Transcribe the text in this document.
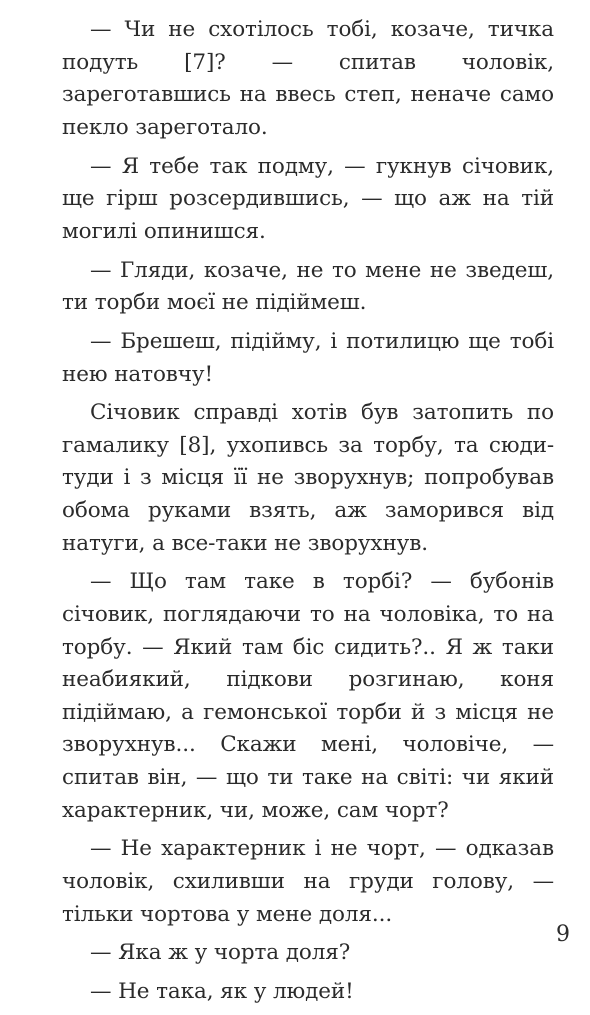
— Чи не схотілось тобі, козаче, тичка подуть [7]? — спитав чоловік, зареготавшись на ввесь степ, неначе само пекло зареготало.

— Я тебе так подму, — гукнув січовик, ще гірш розсердившись, — що аж на тій могилі опинишся.

— Гляди, козаче, не то мене не зведеш, ти торби моєї не підіймеш.

— Брешеш, підійму, і потилицю ще тобі нею натовчу!

Січовик справді хотів був затопить по гамалику [8], ухопивсь за торбу, та сюди-туди і з місця її не зворухнув; попробував обома руками взять, аж заморився від натуги, а все-таки не зворухнув.

— Що там таке в торбі? — бубонів січовик, поглядаючи то на чоловіка, то на торбу. — Який там біс сидить?.. Я ж таки неабиякий, підкови розгинаю, коня підіймаю, а гемонської торби й з місця не зворухнув... Скажи мені, чоловіче, — спитав він, — що ти таке на світі: чи який характерник, чи, може, сам чорт?

— Не характерник і не чорт, — одказав чоловік, схиливши на груди голову, — тільки чортова у мене доля...

— Яка ж у чорта доля?

— Не така, як у людей!

9
